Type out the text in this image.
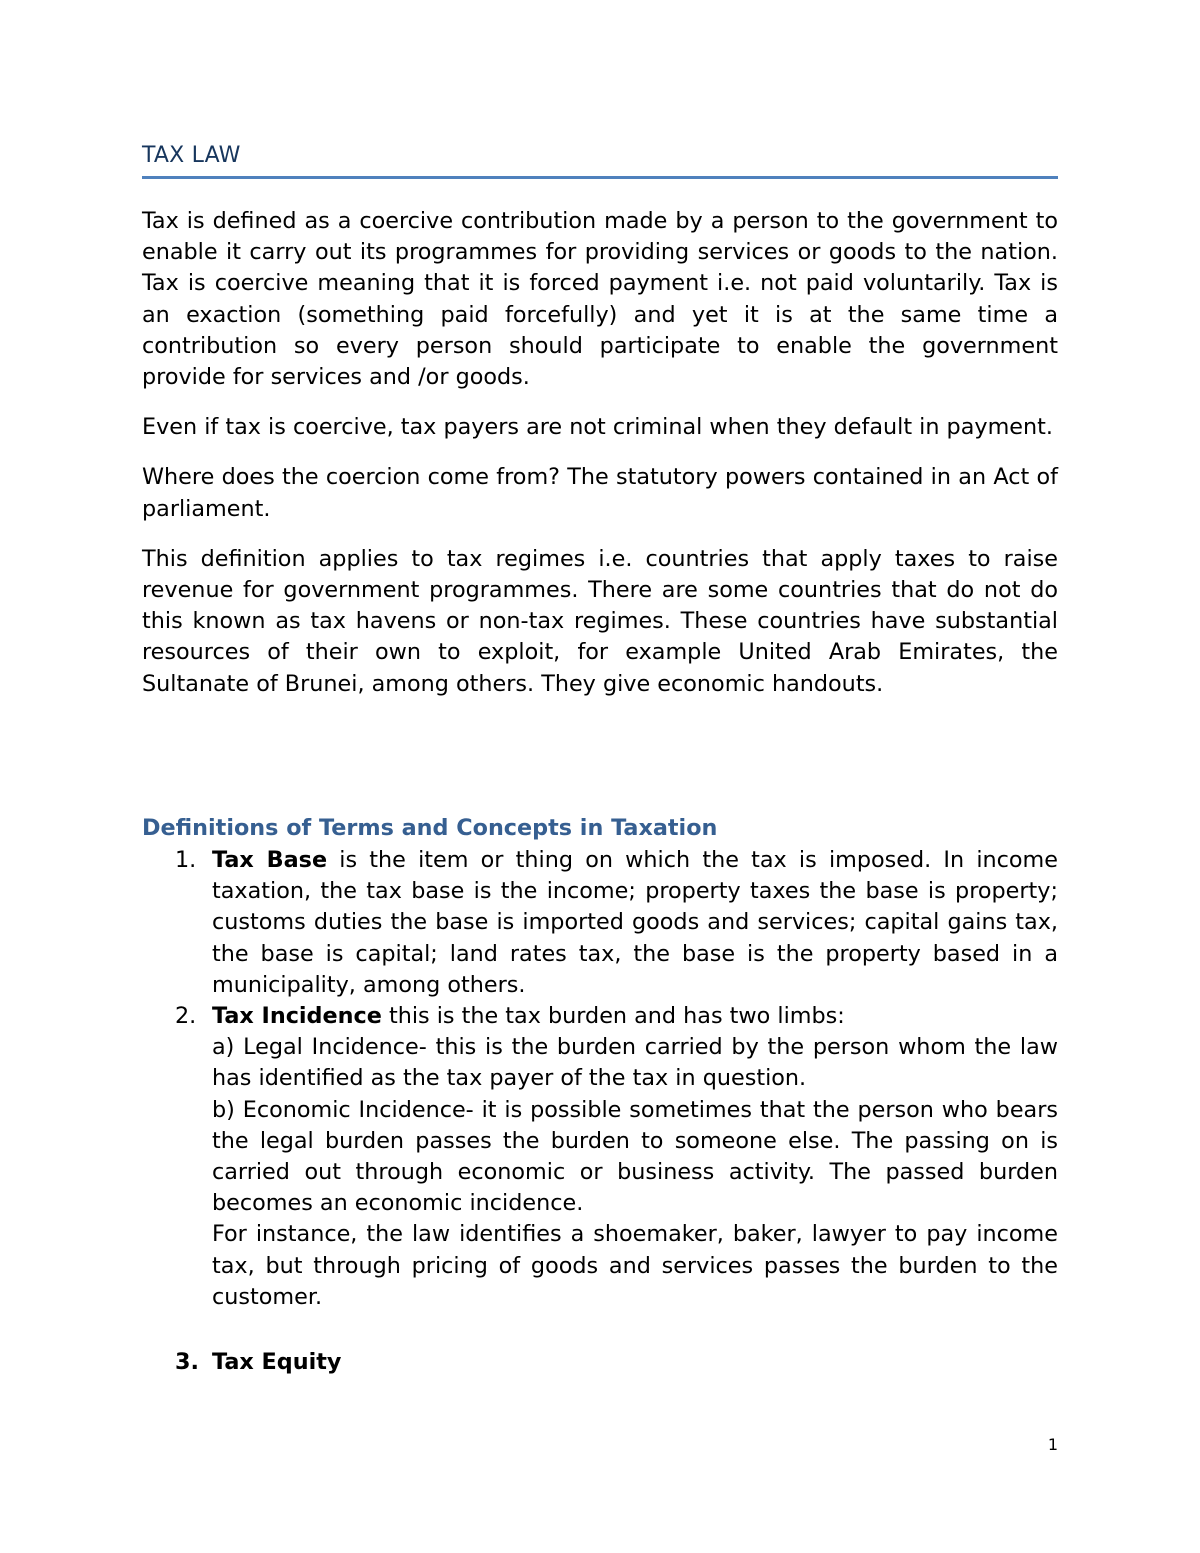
TAX LAW

Tax is defined as a coercive contribution made by a person to the government to enable it carry out its programmes for providing services or goods to the nation. Tax is coercive meaning that it is forced payment i.e. not paid voluntarily. Tax is an exaction (something paid forcefully) and yet it is at the same time a contribution so every person should participate to enable the government provide for services and /or goods.

Even if tax is coercive, tax payers are not criminal when they default in payment.

Where does the coercion come from? The statutory powers contained in an Act of parliament.

This definition applies to tax regimes i.e. countries that apply taxes to raise revenue for government programmes. There are some countries that do not do this known as tax havens or non-tax regimes. These countries have substantial resources of their own to exploit, for example United Arab Emirates, the Sultanate of Brunei, among others. They give economic handouts.

Definitions of Terms and Concepts in Taxation
1. Tax Base is the item or thing on which the tax is imposed. In income taxation, the tax base is the income; property taxes the base is property; customs duties the base is imported goods and services; capital gains tax, the base is capital; land rates tax, the base is the property based in a municipality, among others.
2. Tax Incidence this is the tax burden and has two limbs:

a) Legal Incidence- this is the burden carried by the person whom the law has identified as the tax payer of the tax in question.

b) Economic Incidence- it is possible sometimes that the person who bears the legal burden passes the burden to someone else. The passing on is carried out through economic or business activity. The passed burden becomes an economic incidence.

For instance, the law identifies a shoemaker, baker, lawyer to pay income tax, but through pricing of goods and services passes the burden to the customer.

3. Tax Equity
1
